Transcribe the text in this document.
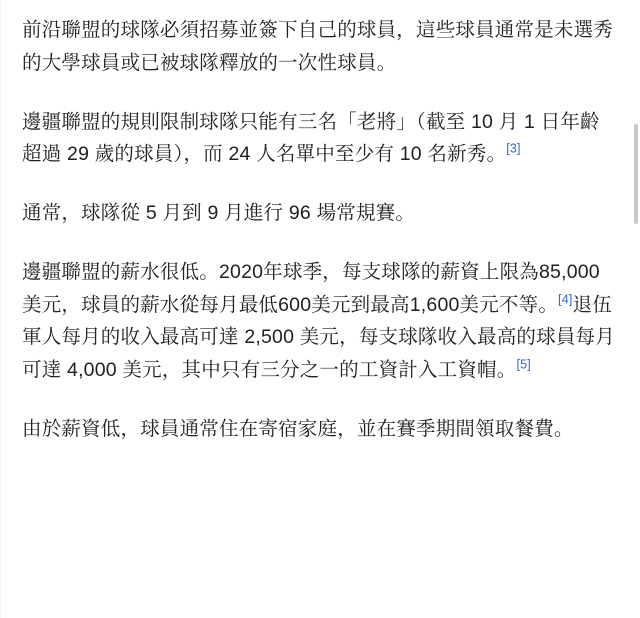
前沿聯盟的球隊必須招募並簽下自己的球員，這些球員通常是未選秀的大學球員或已被球隊釋放的一次性球員。

邊疆聯盟的規則限制球隊只能有三名「老將」（截至 10 月 1 日年齡超過 29 歲的球員），而 24 人名單中至少有 10 名新秀。[3]

通常，球隊從 5 月到 9 月進行 96 場常規賽。

邊疆聯盟的薪水很低。2020年球季，每支球隊的薪資上限為85,000美元，球員的薪水從每月最低600美元到最高1,600美元不等。[4]退伍軍人每月的收入最高可達 2,500 美元，每支球隊收入最高的球員每月可達 4,000 美元，其中只有三分之一的工資計入工資帽。[5]

由於薪資低，球員通常住在寄宿家庭，並在賽季期間領取餐費。
